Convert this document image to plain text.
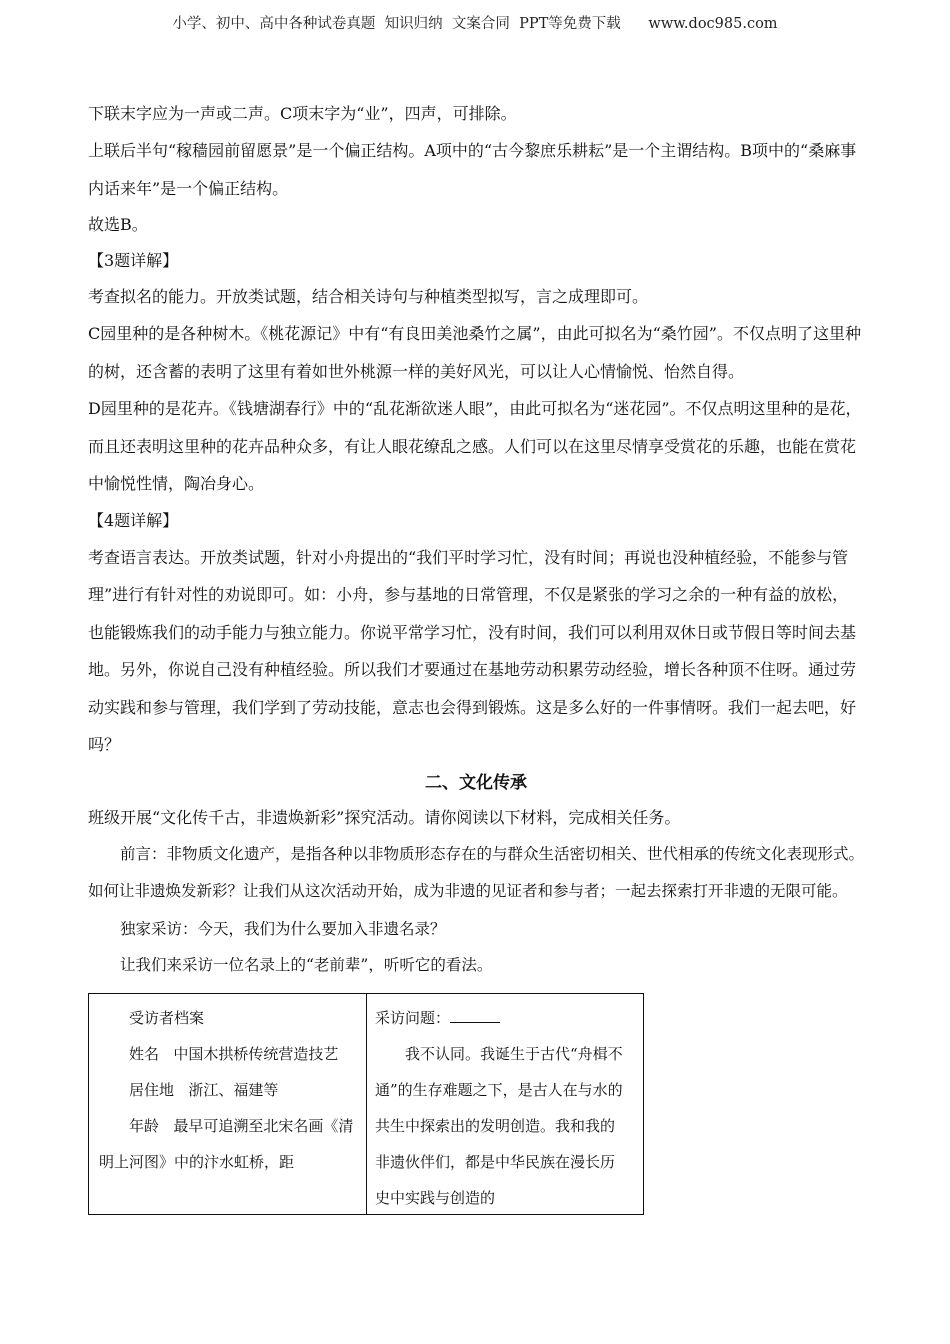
小学、初中、高中各种试卷真题  知识归纳  文案合同  PPT等免费下载      www.doc985.com

下联末字应为一声或二声。C项末字为“业”，四声，可排除。

上联后半句“稼穑园前留愿景”是一个偏正结构。A项中的“古今黎庶乐耕耘”是一个主谓结构。B项中的“桑麻事内话来年”是一个偏正结构。

故选B。

【3题详解】

考查拟名的能力。开放类试题，结合相关诗句与种植类型拟写，言之成理即可。

C园里种的是各种树木。《桃花源记》中有“有良田美池桑竹之属”，由此可拟名为“桑竹园”。不仅点明了这里种的树，还含蓄的表明了这里有着如世外桃源一样的美好风光，可以让人心情愉悦、怡然自得。

D园里种的是花卉。《钱塘湖春行》中的“乱花渐欲迷人眼”，由此可拟名为“迷花园”。不仅点明这里种的是花，而且还表明这里种的花卉品种众多，有让人眼花缭乱之感。人们可以在这里尽情享受赏花的乐趣，也能在赏花中愉悦性情，陶冶身心。

【4题详解】

考查语言表达。开放类试题，针对小舟提出的“我们平时学习忙，没有时间；再说也没种植经验，不能参与管理”进行有针对性的劝说即可。如：小舟，参与基地的日常管理，不仅是紧张的学习之余的一种有益的放松，也能锻炼我们的动手能力与独立能力。你说平常学习忙，没有时间，我们可以利用双休日或节假日等时间去基地。另外，你说自己没有种植经验。所以我们才要通过在基地劳动积累劳动经验，增长各种顶不住呀。通过劳动实践和参与管理，我们学到了劳动技能，意志也会得到锻炼。这是多么好的一件事情呀。我们一起去吧，好吗？

二、文化传承

班级开展“文化传千古，非遗焕新彩”探究活动。请你阅读以下材料，完成相关任务。

前言：非物质文化遗产，是指各种以非物质形态存在的与群众生活密切相关、世代相承的传统文化表现形式。如何让非遗焕发新彩？让我们从这次活动开始，成为非遗的见证者和参与者；一起去探索打开非遗的无限可能。

独家采访：今天，我们为什么要加入非遗名录？

让我们来采访一位名录上的“老前辈”，听听它的看法。

受访者档案

姓名 中国木拱桥传统营造技艺

居住地 浙江、福建等

年龄 最早可追溯至北宋名画《清明上河图》中的汴水虹桥，距

采访问题：

我不认同。我诞生于古代“舟楫不通”的生存难题之下，是古人在与水的共生中探索出的发明创造。我和我的非遗伙伴们，都是中华民族在漫长历史中实践与创造的
